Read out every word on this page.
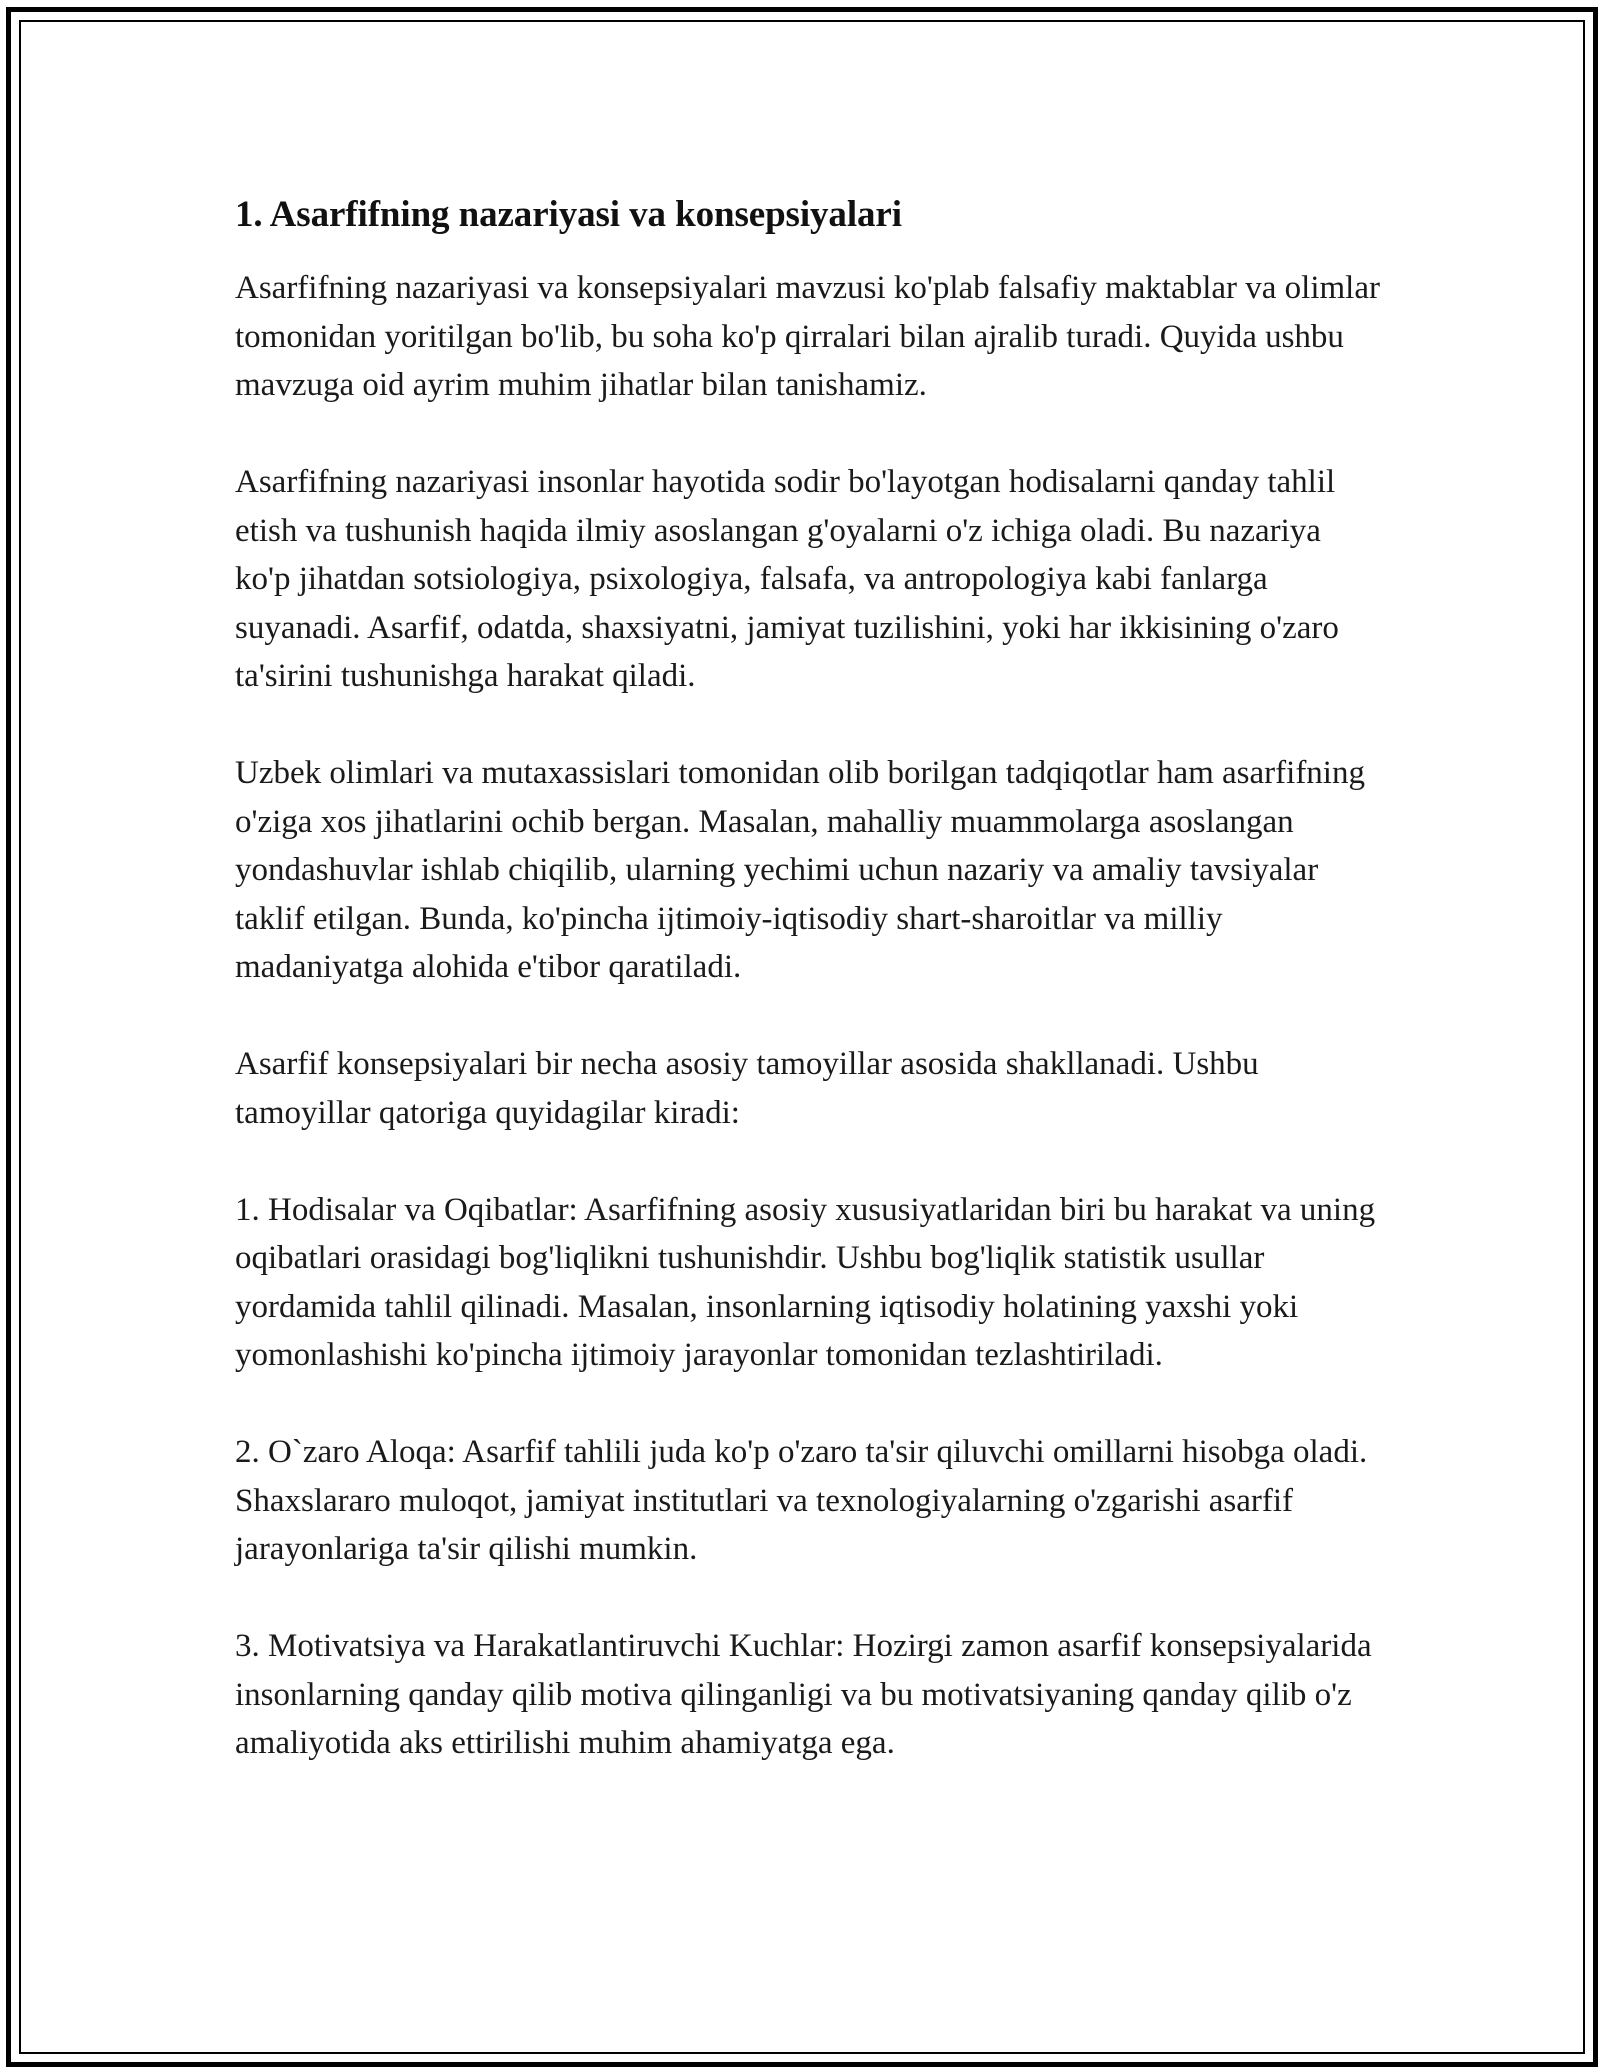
1. Asarfifning nazariyasi va konsepsiyalari

Asarfifning nazariyasi va konsepsiyalari mavzusi ko'plab falsafiy maktablar va olimlar tomonidan yoritilgan bo'lib, bu soha ko'p qirralari bilan ajralib turadi. Quyida ushbu mavzuga oid ayrim muhim jihatlar bilan tanishamiz.

Asarfifning nazariyasi insonlar hayotida sodir bo'layotgan hodisalarni qanday tahlil etish va tushunish haqida ilmiy asoslangan g'oyalarni o'z ichiga oladi. Bu nazariya ko'p jihatdan sotsiologiya, psixologiya, falsafa, va antropologiya kabi fanlarga suyanadi. Asarfif, odatda, shaxsiyatni, jamiyat tuzilishini, yoki har ikkisining o'zaro ta'sirini tushunishga harakat qiladi.

Uzbek olimlari va mutaxassislari tomonidan olib borilgan tadqiqotlar ham asarfifning o'ziga xos jihatlarini ochib bergan. Masalan, mahalliy muammolarga asoslangan yondashuvlar ishlab chiqilib, ularning yechimi uchun nazariy va amaliy tavsiyalar taklif etilgan. Bunda, ko'pincha ijtimoiy-iqtisodiy shart-sharoitlar va milliy madaniyatga alohida e'tibor qaratiladi.

Asarfif konsepsiyalari bir necha asosiy tamoyillar asosida shakllanadi. Ushbu tamoyillar qatoriga quyidagilar kiradi:

1. Hodisalar va Oqibatlar: Asarfifning asosiy xususiyatlaridan biri bu harakat va uning oqibatlari orasidagi bog'liqlikni tushunishdir. Ushbu bog'liqlik statistik usullar yordamida tahlil qilinadi. Masalan, insonlarning iqtisodiy holatining yaxshi yoki yomonlashishi ko'pincha ijtimoiy jarayonlar tomonidan tezlashtiriladi.

2. O`zaro Aloqa: Asarfif tahlili juda ko'p o'zaro ta'sir qiluvchi omillarni hisobga oladi. Shaxslararo muloqot, jamiyat institutlari va texnologiyalarning o'zgarishi asarfif jarayonlariga ta'sir qilishi mumkin.

3. Motivatsiya va Harakatlantiruvchi Kuchlar: Hozirgi zamon asarfif konsepsiyalarida insonlarning qanday qilib motiva qilinganligi va bu motivatsiyaning qanday qilib o'z amaliyotida aks ettirilishi muhim ahamiyatga ega.
